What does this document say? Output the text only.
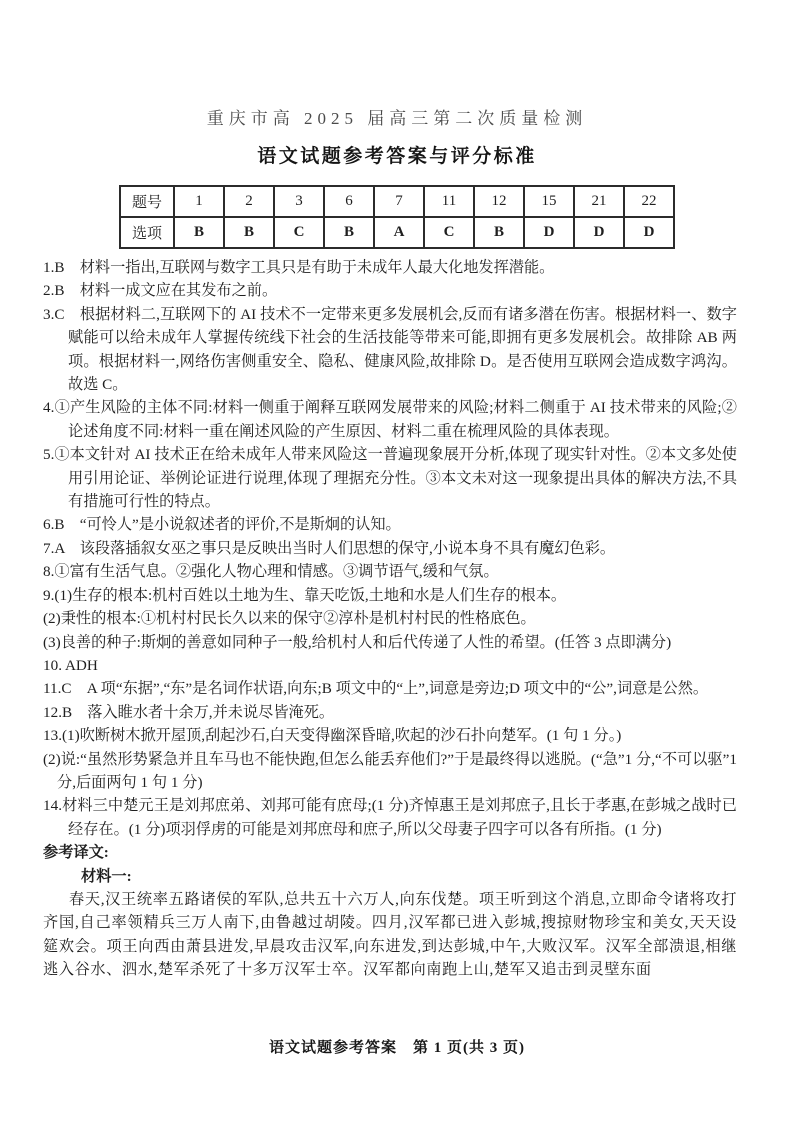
重庆市高 2025 届高三第二次质量检测
语文试题参考答案与评分标准
题号	1	2	3	6	7	11	12	15	21	22
选项	B	B	C	B	A	C	B	D	D	D

1.B　材料一指出,互联网与数字工具只是有助于未成年人最大化地发挥潜能。

2.B　材料一成文应在其发布之前。

3.C　根据材料二,互联网下的 AI 技术不一定带来更多发展机会,反而有诸多潜在伤害。根据材料一、数字赋能可以给未成年人掌握传统线下社会的生活技能等带来可能,即拥有更多发展机会。故排除 AB 两项。根据材料一,网络伤害侧重安全、隐私、健康风险,故排除 D。是否使用互联网会造成数字鸿沟。故选 C。

4.①产生风险的主体不同:材料一侧重于阐释互联网发展带来的风险;材料二侧重于 AI 技术带来的风险;②论述角度不同:材料一重在阐述风险的产生原因、材料二重在梳理风险的具体表现。

5.①本文针对 AI 技术正在给未成年人带来风险这一普遍现象展开分析,体现了现实针对性。②本文多处使用引用论证、举例论证进行说理,体现了理据充分性。③本文未对这一现象提出具体的解决方法,不具有措施可行性的特点。

6.B　“可怜人”是小说叙述者的评价,不是斯炯的认知。

7.A　该段落插叙女巫之事只是反映出当时人们思想的保守,小说本身不具有魔幻色彩。

8.①富有生活气息。②强化人物心理和情感。③调节语气,缓和气氛。

9.(1)生存的根本:机村百姓以土地为生、靠天吃饭,土地和水是人们生存的根本。

(2)秉性的根本:①机村村民长久以来的保守②淳朴是机村村民的性格底色。

(3)良善的种子:斯炯的善意如同种子一般,给机村人和后代传递了人性的希望。(任答 3 点即满分)

10. ADH

11.C　A 项“东据”,“东”是名词作状语,向东;B 项文中的“上”,词意是旁边;D 项文中的“公”,词意是公然。

12.B　落入睢水者十余万,并未说尽皆淹死。

13.(1)吹断树木掀开屋顶,刮起沙石,白天变得幽深昏暗,吹起的沙石扑向楚军。(1 句 1 分。)

(2)说:“虽然形势紧急并且车马也不能快跑,但怎么能丢弃他们?”于是最终得以逃脱。(“急”1 分,“不可以驱”1 分,后面两句 1 句 1 分)

14.材料三中楚元王是刘邦庶弟、刘邦可能有庶母;(1 分)齐悼惠王是刘邦庶子,且长于孝惠,在彭城之战时已经存在。(1 分)项羽俘虏的可能是刘邦庶母和庶子,所以父母妻子四字可以各有所指。(1 分)

参考译文:

材料一:

春天,汉王统率五路诸侯的军队,总共五十六万人,向东伐楚。项王听到这个消息,立即命令诸将攻打齐国,自己率领精兵三万人南下,由鲁越过胡陵。四月,汉军都已进入彭城,搜掠财物珍宝和美女,天天设筵欢会。项王向西由萧县进发,早晨攻击汉军,向东进发,到达彭城,中午,大败汉军。汉军全部溃退,相继逃入谷水、泗水,楚军杀死了十多万汉军士卒。汉军都向南跑上山,楚军又追击到灵壁东面

语文试题参考答案　第 1 页(共 3 页)
